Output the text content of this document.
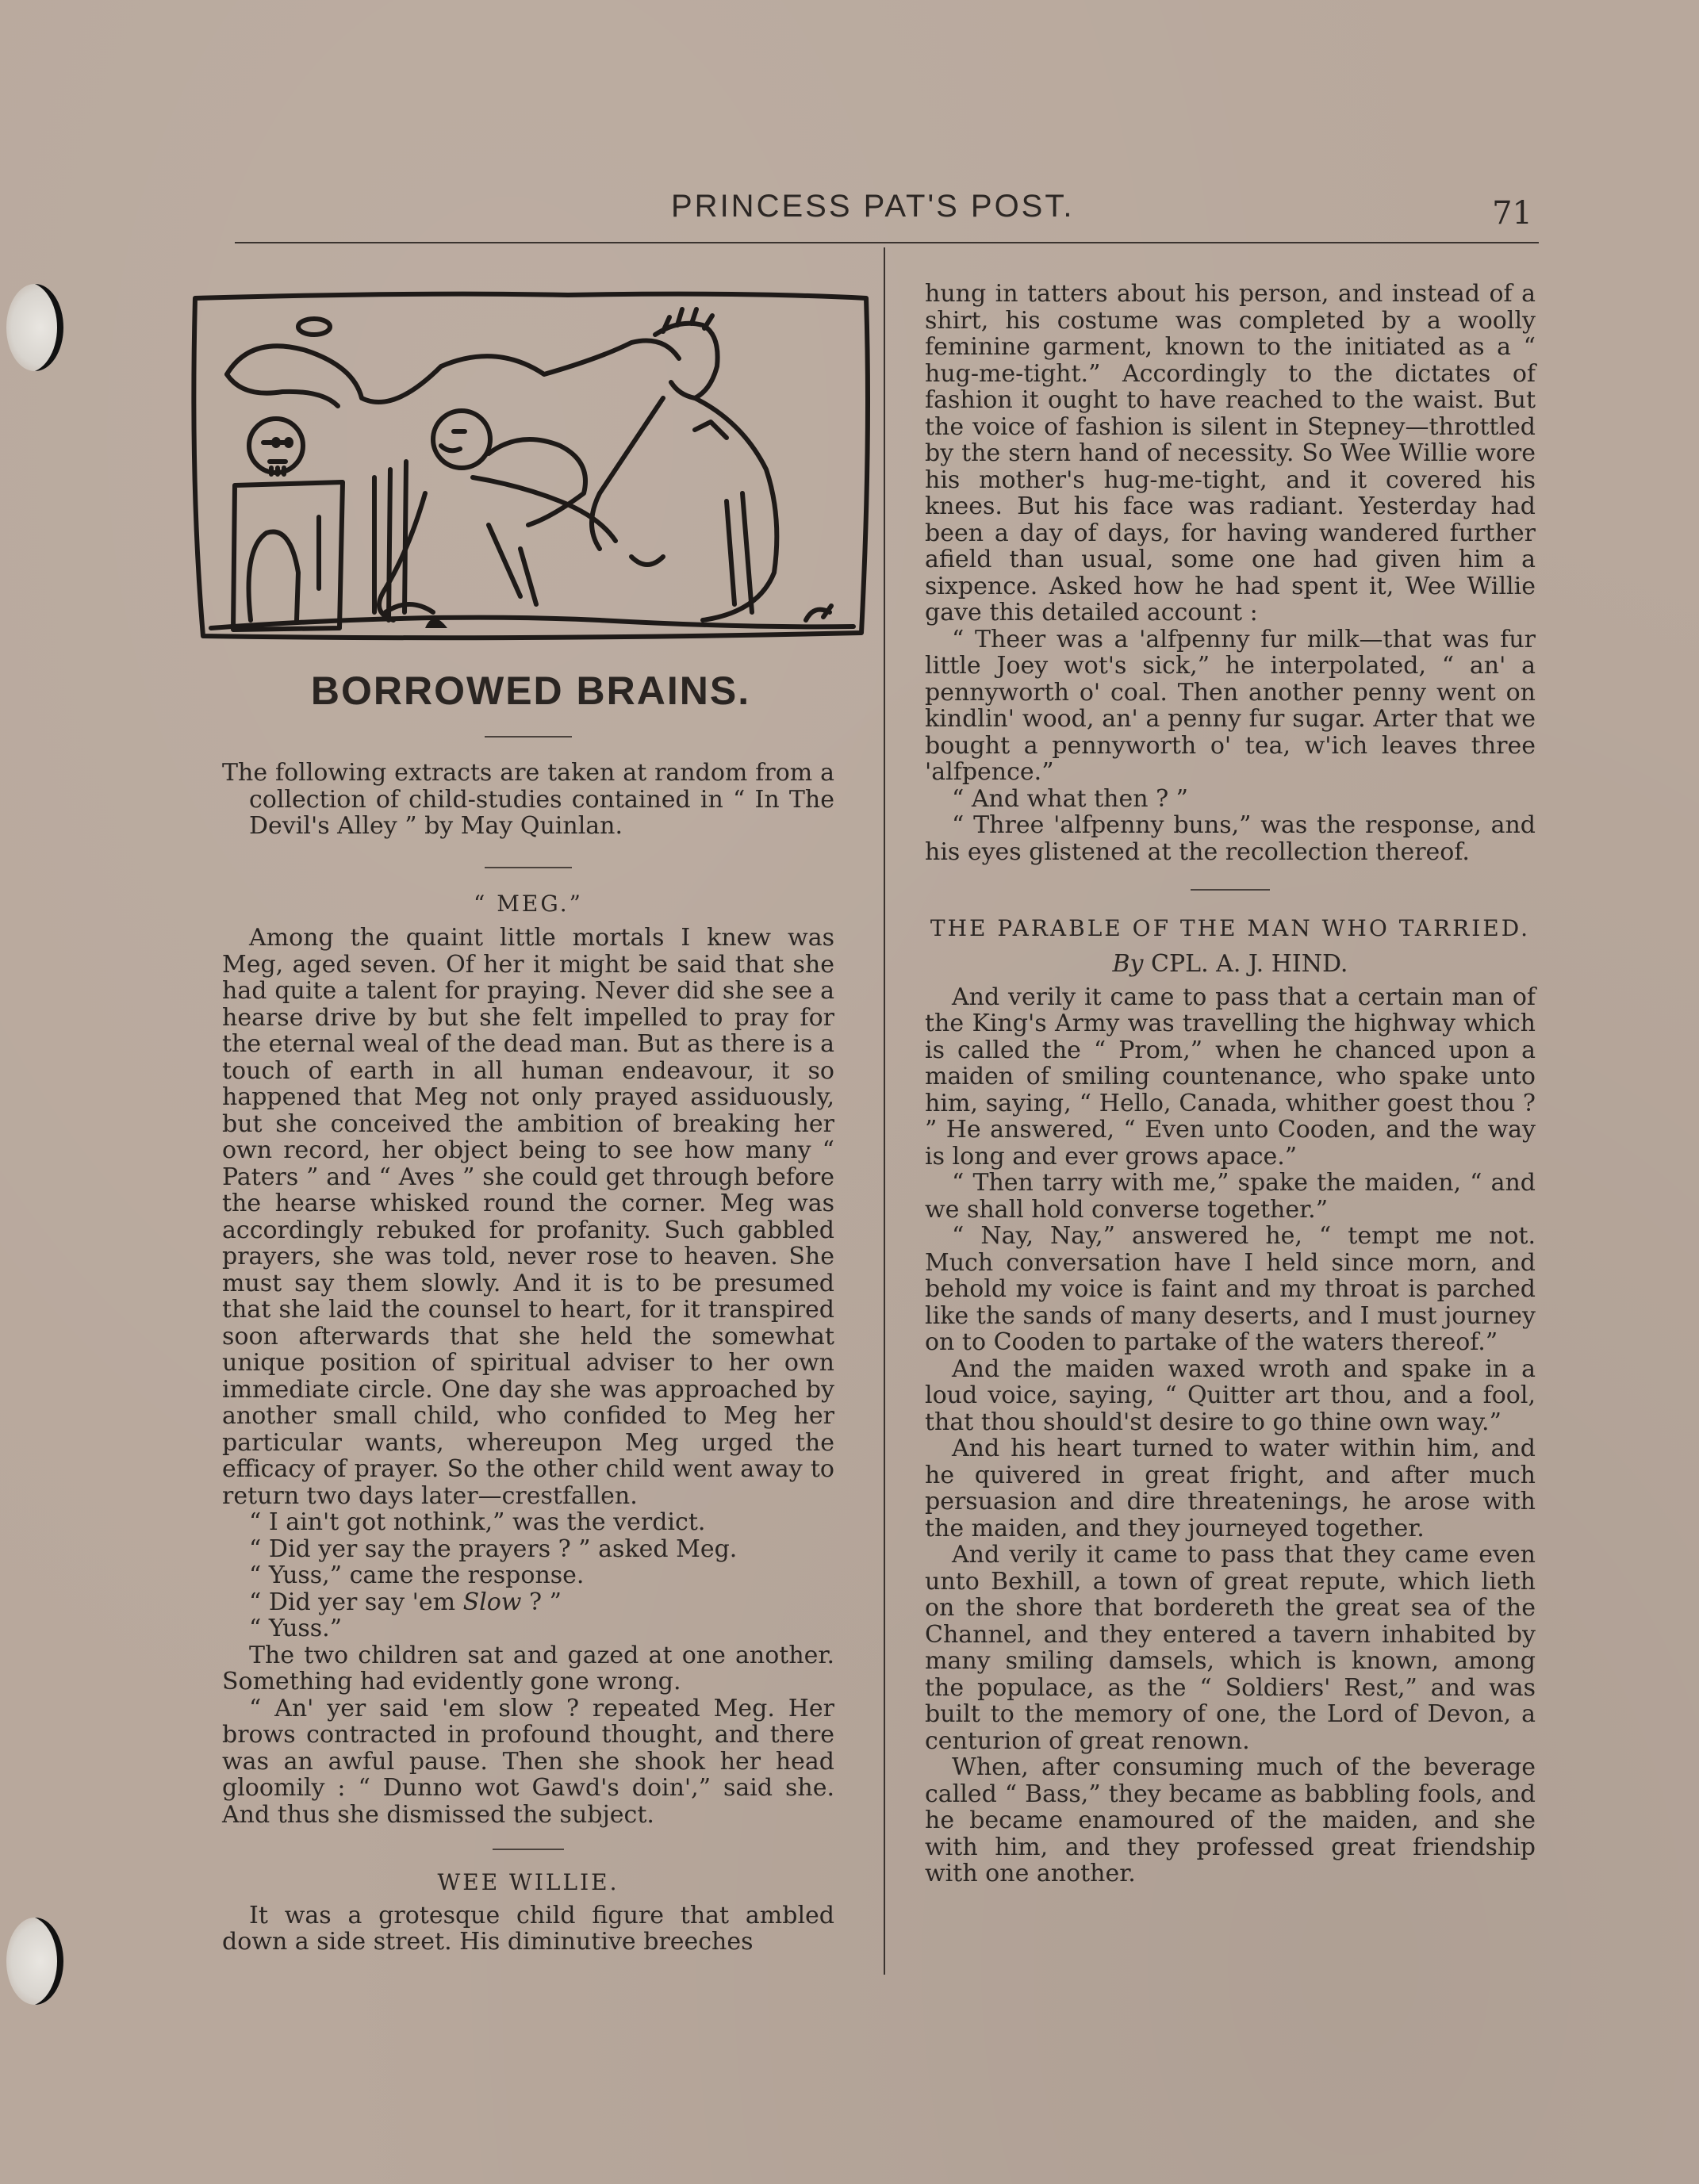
PRINCESS PAT'S POST.	71
BORROWED BRAINS.

The following extracts are taken at random from a collection of child-studies contained in “ In The Devil's Alley ” by May Quinlan.

“ MEG.”

Among the quaint little mortals I knew was Meg, aged seven. Of her it might be said that she had quite a talent for praying. Never did she see a hearse drive by but she felt impelled to pray for the eternal weal of the dead man. But as there is a touch of earth in all human endeavour, it so happened that Meg not only prayed assiduously, but she conceived the ambition of breaking her own record, her object being to see how many “ Paters ” and “ Aves ” she could get through before the hearse whisked round the corner. Meg was accordingly rebuked for profanity. Such gabbled prayers, she was told, never rose to heaven. She must say them slowly. And it is to be presumed that she laid the counsel to heart, for it transpired soon afterwards that she held the somewhat unique position of spiritual adviser to her own immediate circle. One day she was approached by another small child, who confided to Meg her particular wants, whereupon Meg urged the efficacy of prayer. So the other child went away to return two days later—crestfallen.

“ I ain't got nothink,” was the verdict.

“ Did yer say the prayers ? ” asked Meg.

“ Yuss,” came the response.

“ Did yer say 'em Slow ? ”

“ Yuss.”

The two children sat and gazed at one another. Something had evidently gone wrong.

“ An' yer said 'em slow ? repeated Meg. Her brows contracted in profound thought, and there was an awful pause. Then she shook her head gloomily : “ Dunno wot Gawd's doin',” said she. And thus she dismissed the subject.

WEE WILLIE.

It was a grotesque child figure that ambled down a side street. His diminutive breeches

hung in tatters about his person, and instead of a shirt, his costume was completed by a woolly feminine garment, known to the initiated as a “ hug-me-tight.” Accordingly to the dictates of fashion it ought to have reached to the waist. But the voice of fashion is silent in Stepney—throttled by the stern hand of necessity. So Wee Willie wore his mother's hug-me-tight, and it covered his knees. But his face was radiant. Yesterday had been a day of days, for having wandered further afield than usual, some one had given him a sixpence. Asked how he had spent it, Wee Willie gave this detailed account :

“ Theer was a 'alfpenny fur milk—that was fur little Joey wot's sick,” he interpolated, “ an' a pennyworth o' coal. Then another penny went on kindlin' wood, an' a penny fur sugar. Arter that we bought a pennyworth o' tea, w'ich leaves three 'alfpence.”

“ And what then ? ”

“ Three 'alfpenny buns,” was the response, and his eyes glistened at the recollection thereof.

THE PARABLE OF THE MAN WHO TARRIED.

By CPL. A. J. HIND.

And verily it came to pass that a certain man of the King's Army was travelling the highway which is called the “ Prom,” when he chanced upon a maiden of smiling countenance, who spake unto him, saying, “ Hello, Canada, whither goest thou ? ” He answered, “ Even unto Cooden, and the way is long and ever grows apace.”

“ Then tarry with me,” spake the maiden, “ and we shall hold converse together.”

“ Nay, Nay,” answered he, “ tempt me not. Much conversation have I held since morn, and behold my voice is faint and my throat is parched like the sands of many deserts, and I must journey on to Cooden to partake of the waters thereof.”

And the maiden waxed wroth and spake in a loud voice, saying, “ Quitter art thou, and a fool, that thou should'st desire to go thine own way.”

And his heart turned to water within him, and he quivered in great fright, and after much persuasion and dire threatenings, he arose with the maiden, and they journeyed together.

And verily it came to pass that they came even unto Bexhill, a town of great repute, which lieth on the shore that bordereth the great sea of the Channel, and they entered a tavern inhabited by many smiling damsels, which is known, among the populace, as the “ Soldiers' Rest,” and was built to the memory of one, the Lord of Devon, a centurion of great renown.

When, after consuming much of the beverage called “ Bass,” they became as babbling fools, and he became enamoured of the maiden, and she with him, and they professed great friendship with one another.
